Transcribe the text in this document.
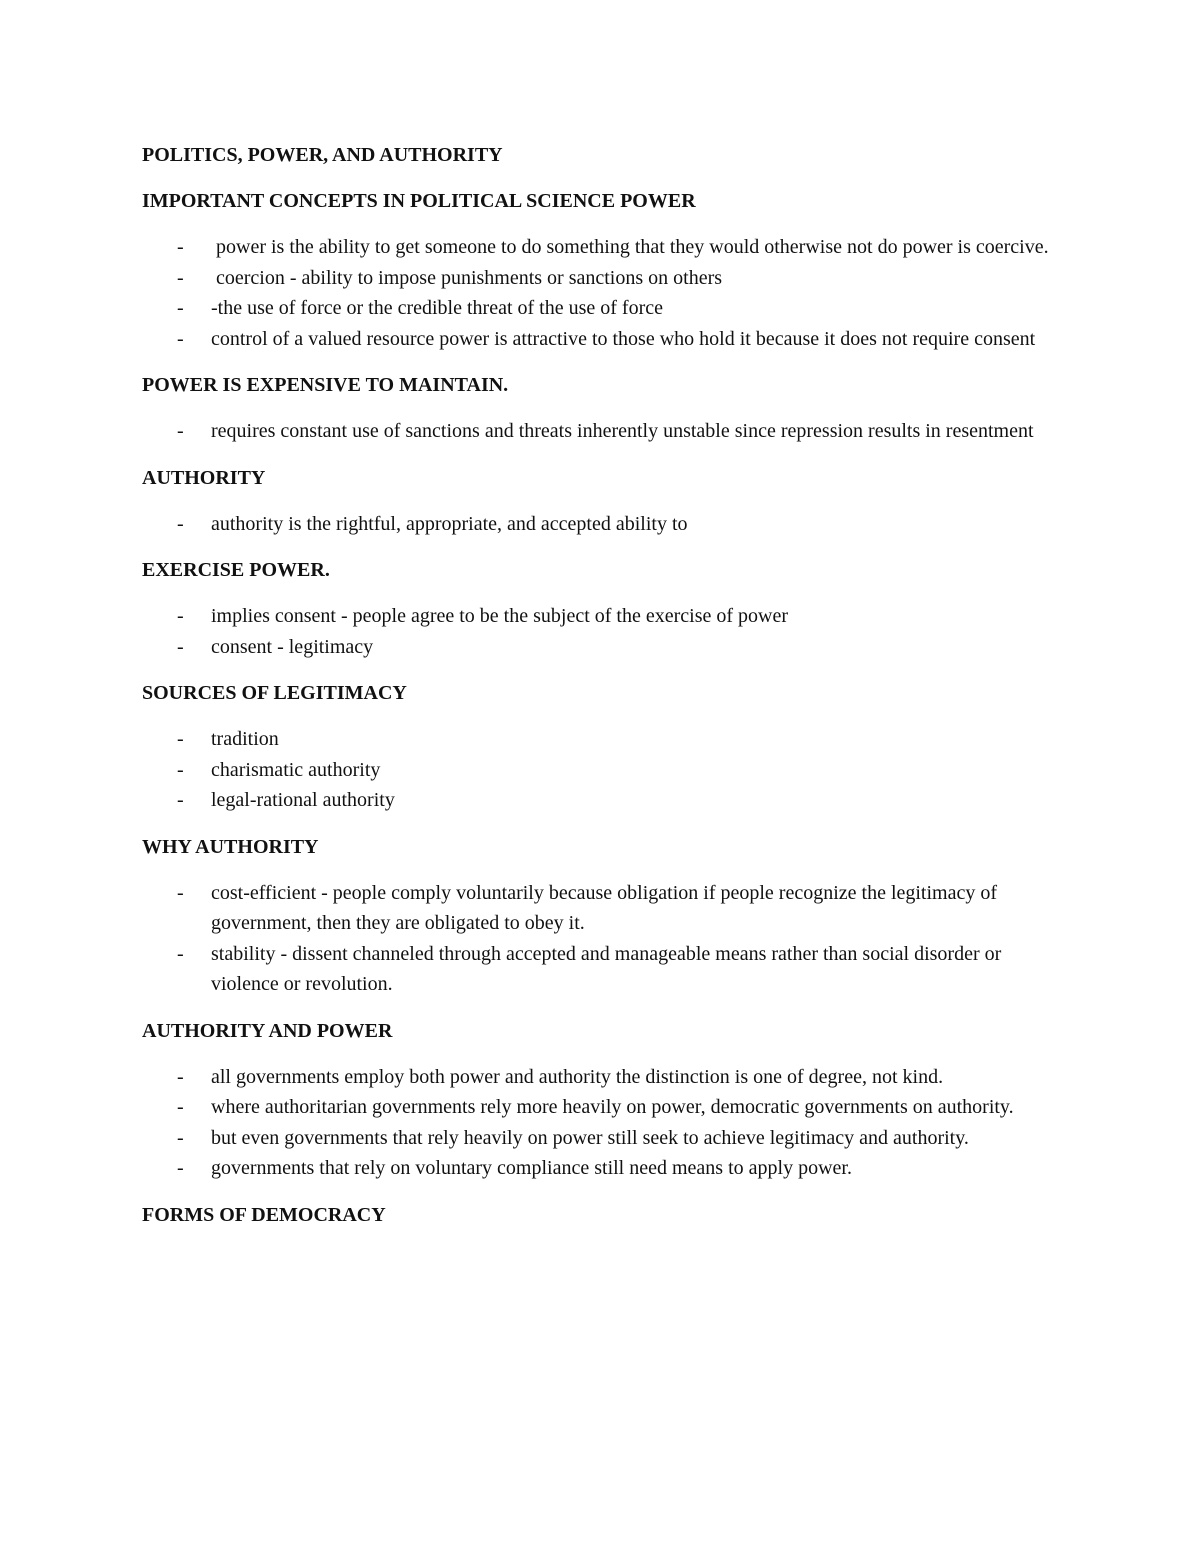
POLITICS, POWER, AND AUTHORITY
IMPORTANT CONCEPTS IN POLITICAL SCIENCE POWER
- power is the ability to get someone to do something that they would otherwise not do power is coercive.
- coercion - ability to impose punishments or sanctions on others
- -the use of force or the credible threat of the use of force
- control of a valued resource power is attractive to those who hold it because it does not require consent
POWER IS EXPENSIVE TO MAINTAIN.
- requires constant use of sanctions and threats inherently unstable since repression results in resentment
AUTHORITY
- authority is the rightful, appropriate, and accepted ability to
EXERCISE POWER.
- implies consent - people agree to be the subject of the exercise of power
- consent - legitimacy
SOURCES OF LEGITIMACY
- tradition
- charismatic authority
- legal-rational authority
WHY AUTHORITY
- cost-efficient - people comply voluntarily because obligation if people recognize the legitimacy of government, then they are obligated to obey it.
- stability - dissent channeled through accepted and manageable means rather than social disorder or violence or revolution.
AUTHORITY AND POWER
- all governments employ both power and authority the distinction is one of degree, not kind.
- where authoritarian governments rely more heavily on power, democratic governments on authority.
- but even governments that rely heavily on power still seek to achieve legitimacy and authority.
- governments that rely on voluntary compliance still need means to apply power.
FORMS OF DEMOCRACY
